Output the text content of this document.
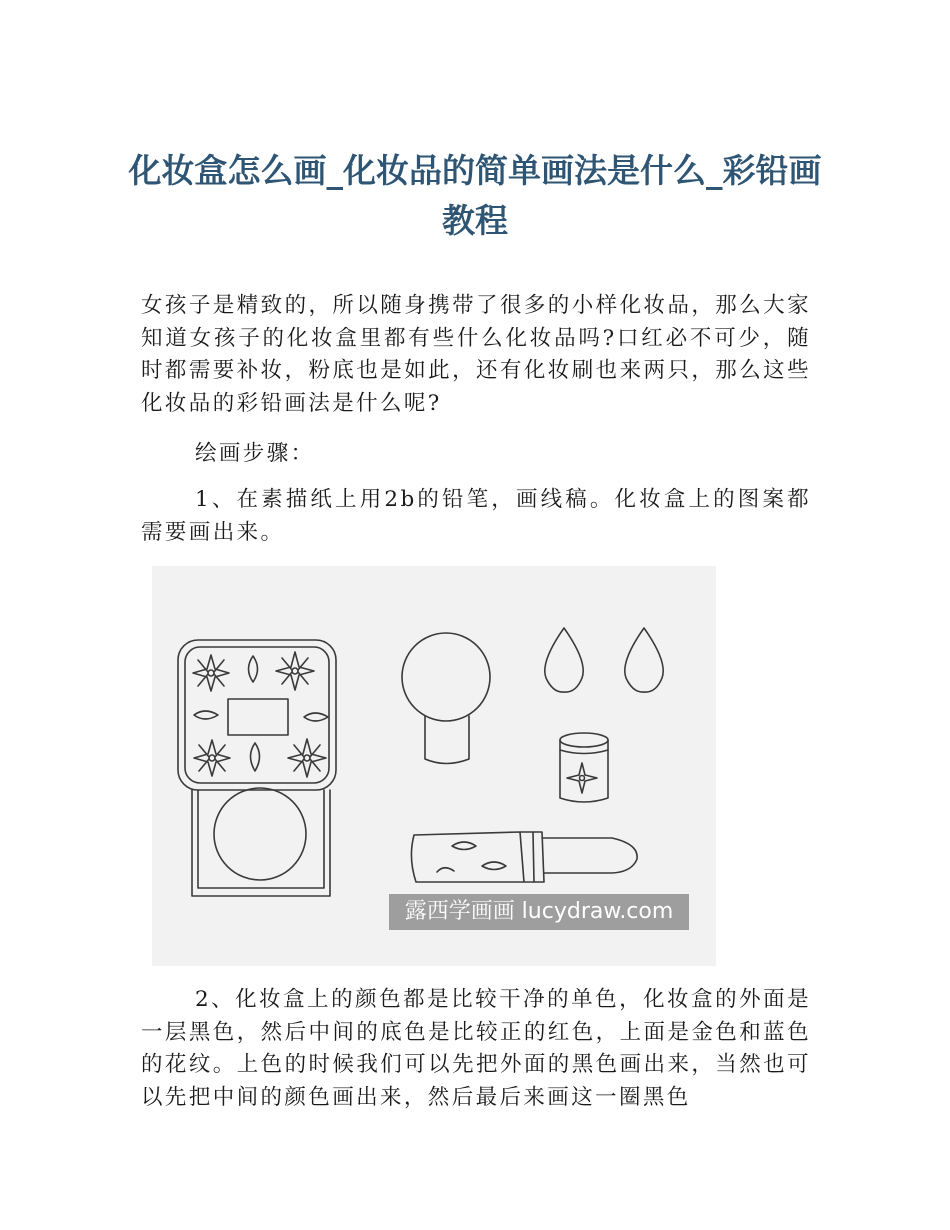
化妆盒怎么画_化妆品的简单画法是什么_彩铅画教程

女孩子是精致的，所以随身携带了很多的小样化妆品，那么大家知道女孩子的化妆盒里都有些什么化妆品吗?口红必不可少，随时都需要补妆，粉底也是如此，还有化妆刷也来两只，那么这些化妆品的彩铅画法是什么呢?

绘画步骤：

1、在素描纸上用2b的铅笔，画线稿。化妆盒上的图案都需要画出来。

露西学画画 lucydraw.com

2、化妆盒上的颜色都是比较干净的单色，化妆盒的外面是一层黑色，然后中间的底色是比较正的红色，上面是金色和蓝色的花纹。上色的时候我们可以先把外面的黑色画出来，当然也可以先把中间的颜色画出来，然后最后来画这一圈黑色
